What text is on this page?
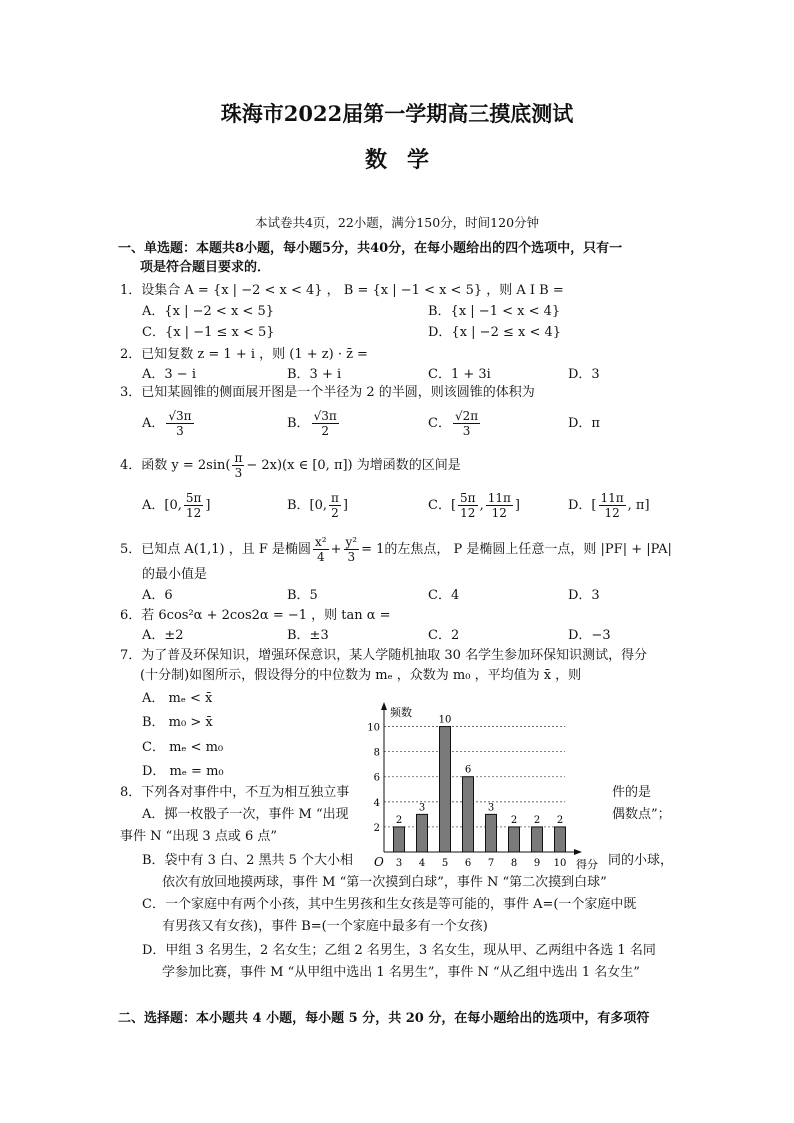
珠海市2022届第一学期高三摸底测试
数学
本试卷共4页，22小题，满分150分，时间120分钟
一、单选题：本题共8小题，每小题5分，共40分，在每小题给出的四个选项中，只有一
项是符合题目要求的．
1．设集合 A = {x | −2 < x < 4} ， B = {x | −1 < x < 5} ，则 A I B =
A．{x | −2 < x < 5}	B．{x | −1 < x < 4}
C．{x | −1 ≤ x < 5}	D．{x | −2 ≤ x < 4}
2．已知复数 z = 1 + i ，则 (1 + z) · z̄ =
A．3 − i	B．3 + i	C．1 + 3i	D．3
3．已知某圆锥的侧面展开图是一个半径为 2 的半圆，则该圆锥的体积为
A． $\frac{√3\pi}{3}$	B． $\frac{√3\pi}{2}$	C． $\frac{√2\pi}{3}$	D．π
4．函数 $y = 2\sin( \frac{\pi}{3} - 2x)(x$ ∈ [0, π]) 为增函数的区间是
A．[0, $\frac{5\pi}{12}$ ]	B．[0, $\frac{\pi}{2}$ ]	C．[ $\frac{5\pi}{12}$ , $\frac{11\pi}{12}$ ]	D．[ $\frac{11\pi}{12}$ , π]
5．已知点 A(1,1) ，且 F 是椭圆 $\frac{\text{x²}}{4} + \frac{\text{y²}}{3} = 1$的左焦点， P 是椭圆上任意一点，则 |PF| + |PA|
的最小值是
A．6	B．5	C．4	D．3
6．若 6cos²α + 2cos2α = −1 ，则 tan α =
A．±2	B．±3	C．2	D．−3
7．为了普及环保知识，增强环保意识，某人学随机抽取 30 名学生参加环保知识测试，得分
(十分制)如图所示，假设得分的中位数为 mₑ ，众数为 m₀ ，平均值为 x̄ ，则
A． mₑ < x̄
B． m₀ > x̄
C． mₑ < m₀
D． mₑ = m₀
2
4
6
8
10
2
3
3
4
10
5
6
6
3
7
2
8
2
9
2
10
频数
得分
O
8．下列各对事件中，不互为相互独立事	件的是
A．掷一枚骰子一次，事件 M “出现	偶数点”；
事件 N “出现 3 点或 6 点”
B．袋中有 3 白、2 黑共 5 个大小相	同的小球，
依次有放回地摸两球，事件 M “第一次摸到白球”，事件 N “第二次摸到白球”
C．一个家庭中有两个小孩，其中生男孩和生女孩是等可能的，事件 A=(一个家庭中既
有男孩又有女孩)，事件 B=(一个家庭中最多有一个女孩)
D．甲组 3 名男生，2 名女生；乙组 2 名男生，3 名女生，现从甲、乙两组中各选 1 名同
学参加比赛，事件 M “从甲组中选出 1 名男生”，事件 N “从乙组中选出 1 名女生”
二、选择题：本小题共 4 小题，每小题 5 分，共 20 分，在每小题给出的选项中，有多项符
